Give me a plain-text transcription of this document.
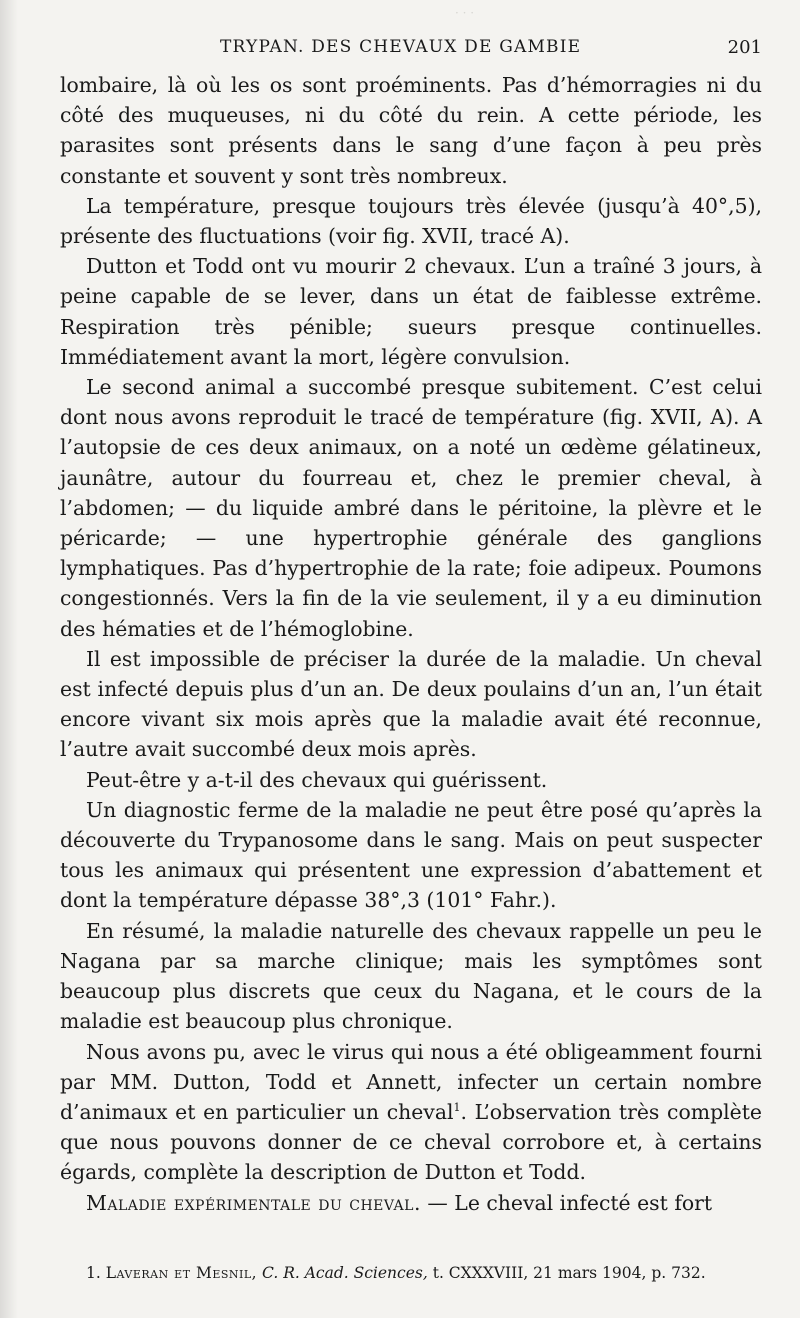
· · ·
TRYPAN. DES CHEVAUX DE GAMBIE	201

lombaire, là où les os sont proéminents. Pas d’hémorragies ni du côté des muqueuses, ni du côté du rein. A cette période, les parasites sont présents dans le sang d’une façon à peu près constante et souvent y sont très nombreux.

La température, presque toujours très élevée (jusqu’à 40°,5), présente des fluctuations (voir fig. XVII, tracé A).

Dutton et Todd ont vu mourir 2 chevaux. L’un a traîné 3 jours, à peine capable de se lever, dans un état de faiblesse extrême. Respiration très pénible; sueurs presque continuelles. Immédiatement avant la mort, légère convulsion.

Le second animal a succombé presque subitement. C’est celui dont nous avons reproduit le tracé de température (fig. XVII, A). A l’autopsie de ces deux animaux, on a noté un œdème gélatineux, jaunâtre, autour du fourreau et, chez le premier cheval, à l’abdomen; — du liquide ambré dans le péritoine, la plèvre et le péricarde; — une hypertrophie générale des ganglions lymphatiques. Pas d’hypertrophie de la rate; foie adipeux. Poumons congestionnés. Vers la fin de la vie seulement, il y a eu diminution des hématies et de l’hémoglobine.

Il est impossible de préciser la durée de la maladie. Un cheval est infecté depuis plus d’un an. De deux poulains d’un an, l’un était encore vivant six mois après que la maladie avait été reconnue, l’autre avait succombé deux mois après.

Peut-être y a-t-il des chevaux qui guérissent.

Un diagnostic ferme de la maladie ne peut être posé qu’après la découverte du Trypanosome dans le sang. Mais on peut suspecter tous les animaux qui présentent une expression d’abattement et dont la température dépasse 38°,3 (101° Fahr.).

En résumé, la maladie naturelle des chevaux rappelle un peu le Nagana par sa marche clinique; mais les symptômes sont beaucoup plus discrets que ceux du Nagana, et le cours de la maladie est beaucoup plus chronique.

Nous avons pu, avec le virus qui nous a été obligeamment fourni par MM. Dutton, Todd et Annett, infecter un certain nombre d’animaux et en particulier un cheval$^1$. L’observation très complète que nous pouvons donner de ce cheval corrobore et, à certains égards, complète la description de Dutton et Todd.

Maladie expérimentale du cheval. — Le cheval infecté est fort

1. Laveran et Mesnil, C. R. Acad. Sciences, t. CXXXVIII, 21 mars 1904, p. 732.
